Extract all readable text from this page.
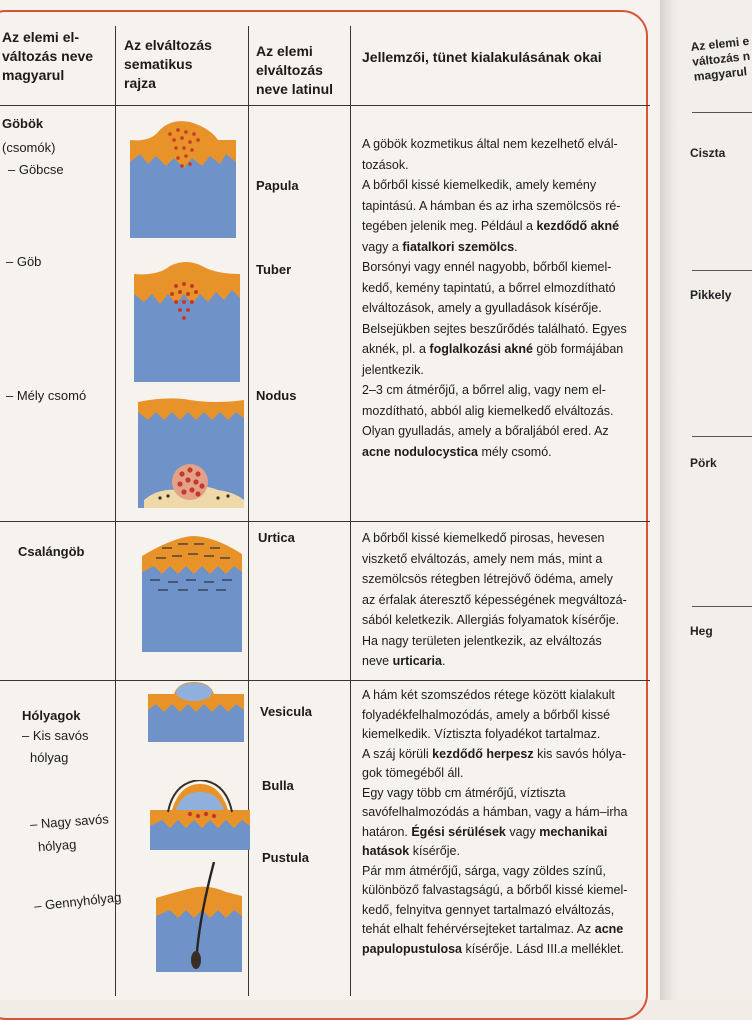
Az elemi el-
változás neve
magyarul
Az elváltozás
sematikus
rajza
Az elemi
elváltozás
neve latinul
Jellemzői, tünet kialakulásának okai
Göbök
(csomók)
– Göbcse
– Göb
– Mély csomó
Csalángöb
Hólyagok
– Kis savós
hólyag
– Nagy savós
hólyag
– Gennyhólyag
Papula
Tuber
Nodus
Urtica
Vesicula
Bulla
Pustula
A göbök kozmetikus által nem kezelhető elvál-
tozások.
A bőrből kissé kiemelkedik, amely kemény
tapintású. A hámban és az irha szemölcsös ré-
tegében jelenik meg. Például a kezdődő akné
vagy a fiatalkori szemölcs.
Borsónyi vagy ennél nagyobb, bőrből kiemel-
kedő, kemény tapintatú, a bőrrel elmozdítható
elváltozások, amely a gyulladások kísérője.
Belsejükben sejtes beszűrődés található. Egyes
aknék, pl. a foglalkozási akné göb formájában
jelentkezik.
2–3 cm átmérőjű, a bőrrel alig, vagy nem el-
mozdítható, abból alig kiemelkedő elváltozás.
Olyan gyulladás, amely a bőraljából ered. Az
acne nodulocystica mély csomó.
A bőrből kissé kiemelkedő pirosas, hevesen
viszkető elváltozás, amely nem más, mint a
szemölcsös rétegben létrejövő ödéma, amely
az érfalak áteresztő képességének megváltozá-
sából keletkezik. Allergiás folyamatok kísérője.
Ha nagy területen jelentkezik, az elváltozás
neve urticaria.
A hám két szomszédos rétege között kialakult
folyadékfelhalmozódás, amely a bőrből kissé
kiemelkedik. Víztiszta folyadékot tartalmaz.
A száj körüli kezdődő herpesz kis savós hólya-
gok tömegéből áll.
Egy vagy több cm átmérőjű, víztiszta
savófelhalmozódás a hámban, vagy a hám–irha
határon. Égési sérülések vagy mechanikai
hatások kísérője.
Pár mm átmérőjű, sárga, vagy zöldes színű,
különböző falvastagságú, a bőrből kissé kiemel-
kedő, felnyitva gennyet tartalmazó elváltozás,
tehát elhalt fehérvérsejteket tartalmaz. Az acne
papulopustulosa kísérője. Lásd III.a melléklet.
Az elemi e
változás n
magyarul
Ciszta
Pikkely
Pörk
Heg
